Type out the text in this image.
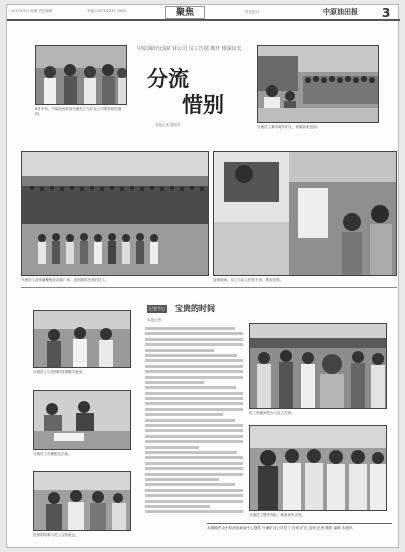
2013年6月 星期 责任编辑	采编 (0373)2037-7880	聚焦	责任校对	中原油田报 3
6月中旬，中原油田首批分流员工与矿业公司领导依依惜别。
中原油田分流矿业公司 员工告别 离开 情深谊长
分流
惜别
本报记者 通讯员	分流员工乘车离开矿区，家属前来送别。
分流员工及家属聚集在站前广场，送别即将出发的员工。	送别现场，员工与亲人依依不舍，挥泪告别。
分流员工与送别的同事握手道别。
分流员工办理相关手续。
送别的同事与员工合影留念。
记者手记 宝贵的时间
本报记者
员工家属到站台与亲人告别。
分流员工整齐列队，准备登车出发。
本版稿件由中原油田新闻中心提供 分流矿业公司员工 告别 矿区 送别 记者 摄影 编辑 本报讯
